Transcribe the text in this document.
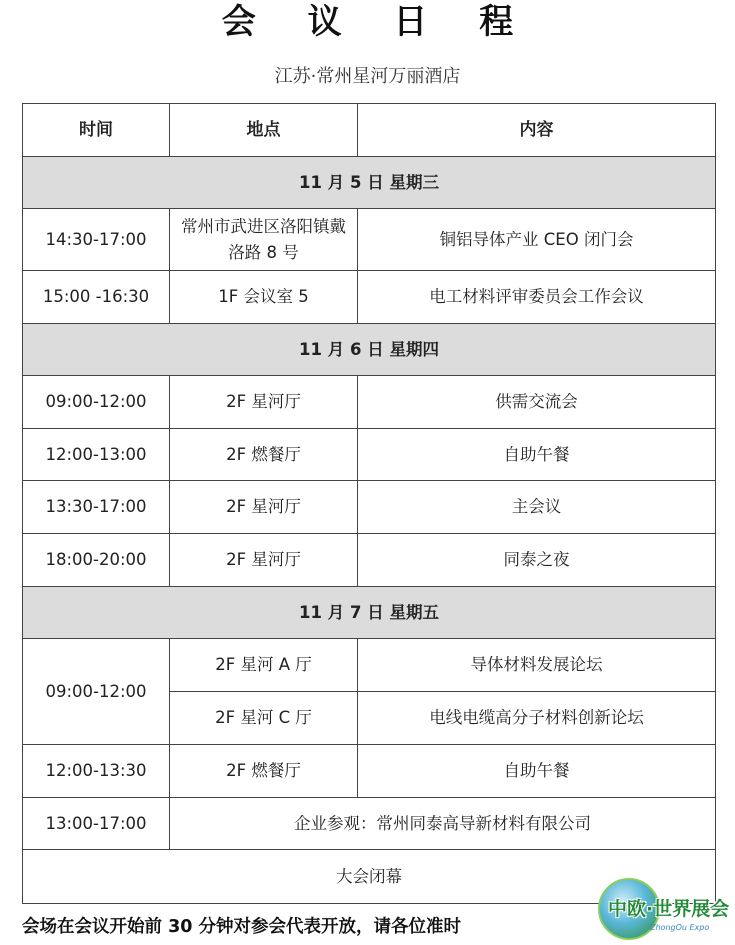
会 议 日 程
江苏·常州星河万丽酒店
时间	地点	内容
11 月 5 日 星期三		
14:30-17:00	常州市武进区洛阳镇戴洛路 8 号	铜铝导体产业 CEO 闭门会
15:00 -16:30	1F 会议室 5	电工材料评审委员会工作会议
11 月 6 日 星期四		
09:00-12:00	2F 星河厅	供需交流会
12:00-13:00	2F 燃餐厅	自助午餐
13:30-17:00	2F 星河厅	主会议
18:00-20:00	2F 星河厅	同泰之夜
11 月 7 日 星期五		
09:00-12:00	2F 星河 A 厅	导体材料发展论坛
	2F 星河 C 厅	电线电缆高分子材料创新论坛
12:00-13:30	2F 燃餐厅	自助午餐
13:00-17:00	企业参观：常州同泰高导新材料有限公司	
大会闭幕		
会场在会议开始前 30 分钟对参会代表开放，请各位准时
中欧·世界展会
ZhongOu Expo
